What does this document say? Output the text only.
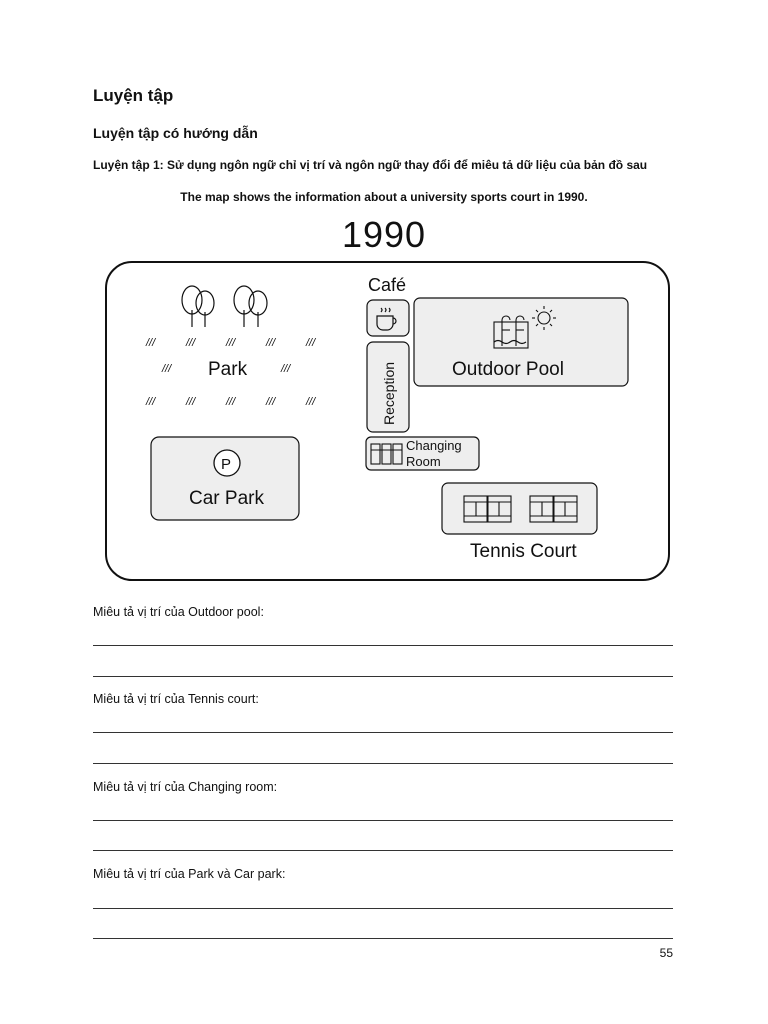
Luyện tập
Luyện tập có hướng dẫn
Luyện tập 1: Sử dụng ngôn ngữ chỉ vị trí và ngôn ngữ thay đổi để miêu tả dữ liệu của bản đồ sau
The map shows the information about a university sports court in 1990.
1990
///	///	///	///	///
///	///
///	///	///	///	///
Park
Café
Reception	Outdoor Pool
Changing
Room
P
Car Park
Tennis Court
Miêu tả vị trí của Outdoor pool:
Miêu tả vị trí của Tennis court:
Miêu tả vị trí của Changing room:
Miêu tả vị trí của Park và Car park:
55
